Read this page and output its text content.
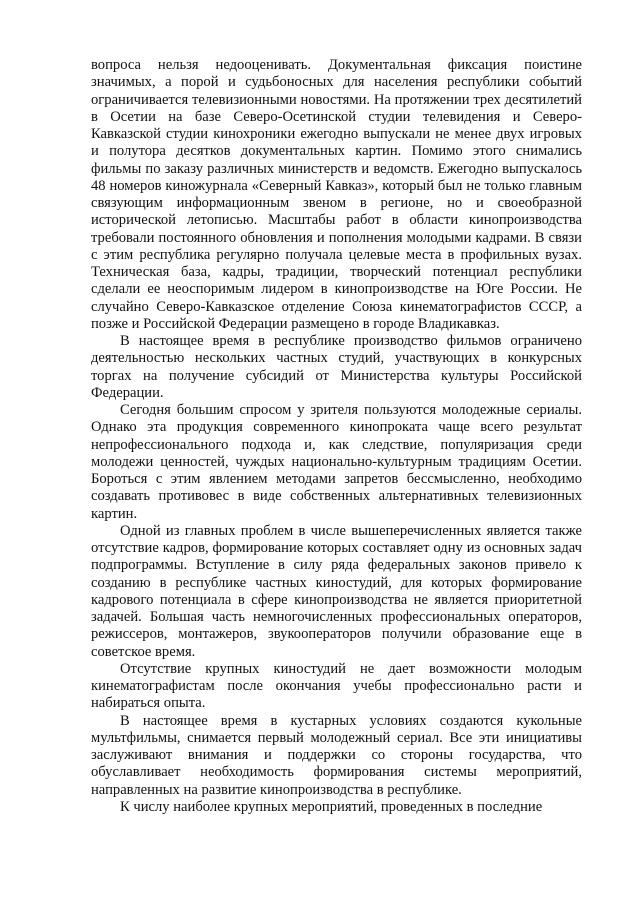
вопроса нельзя недооценивать. Документальная фиксация поистине значимых, а порой и судьбоносных для населения республики событий ограничивается телевизионными новостями. На протяжении трех десятилетий в Осетии на базе Северо-Осетинской студии телевидения и Северо-Кавказской студии кинохроники ежегодно выпускали не менее двух игровых и полутора десятков документальных картин. Помимо этого снимались фильмы по заказу различных министерств и ведомств. Ежегодно выпускалось 48 номеров киножурнала «Северный Кавказ», который был не только главным связующим информационным звеном в регионе, но и своеобразной исторической летописью. Масштабы работ в области кинопроизводства требовали постоянного обновления и пополнения молодыми кадрами. В связи с этим республика регулярно получала целевые места в профильных вузах. Техническая база, кадры, традиции, творческий потенциал республики сделали ее неоспоримым лидером в кинопроизводстве на Юге России. Не случайно Северо-Кавказское отделение Союза кинематографистов СССР, а позже и Российской Федерации размещено в городе Владикавказ.

В настоящее время в республике производство фильмов ограничено деятельностью нескольких частных студий, участвующих в конкурсных торгах на получение субсидий от Министерства культуры Российской Федерации.

Сегодня большим спросом у зрителя пользуются молодежные сериалы. Однако эта продукция современного кинопроката чаще всего результат непрофессионального подхода и, как следствие, популяризация среди молодежи ценностей, чуждых национально-культурным традициям Осетии. Бороться с этим явлением методами запретов бессмысленно, необходимо создавать противовес в виде собственных альтернативных телевизионных картин.

Одной из главных проблем в числе вышеперечисленных является также отсутствие кадров, формирование которых составляет одну из основных задач подпрограммы. Вступление в силу ряда федеральных законов привело к созданию в республике частных киностудий, для которых формирование кадрового потенциала в сфере кинопроизводства не является приоритетной задачей. Большая часть немногочисленных профессиональных операторов, режиссеров, монтажеров, звукооператоров получили образование еще в советское время.

Отсутствие крупных киностудий не дает возможности молодым кинематографистам после окончания учебы профессионально расти и набираться опыта.

В настоящее время в кустарных условиях создаются кукольные мультфильмы, снимается первый молодежный сериал. Все эти инициативы заслуживают внимания и поддержки со стороны государства, что обуславливает необходимость формирования системы мероприятий, направленных на развитие кинопроизводства в республике.

К числу наиболее крупных мероприятий, проведенных в последние
